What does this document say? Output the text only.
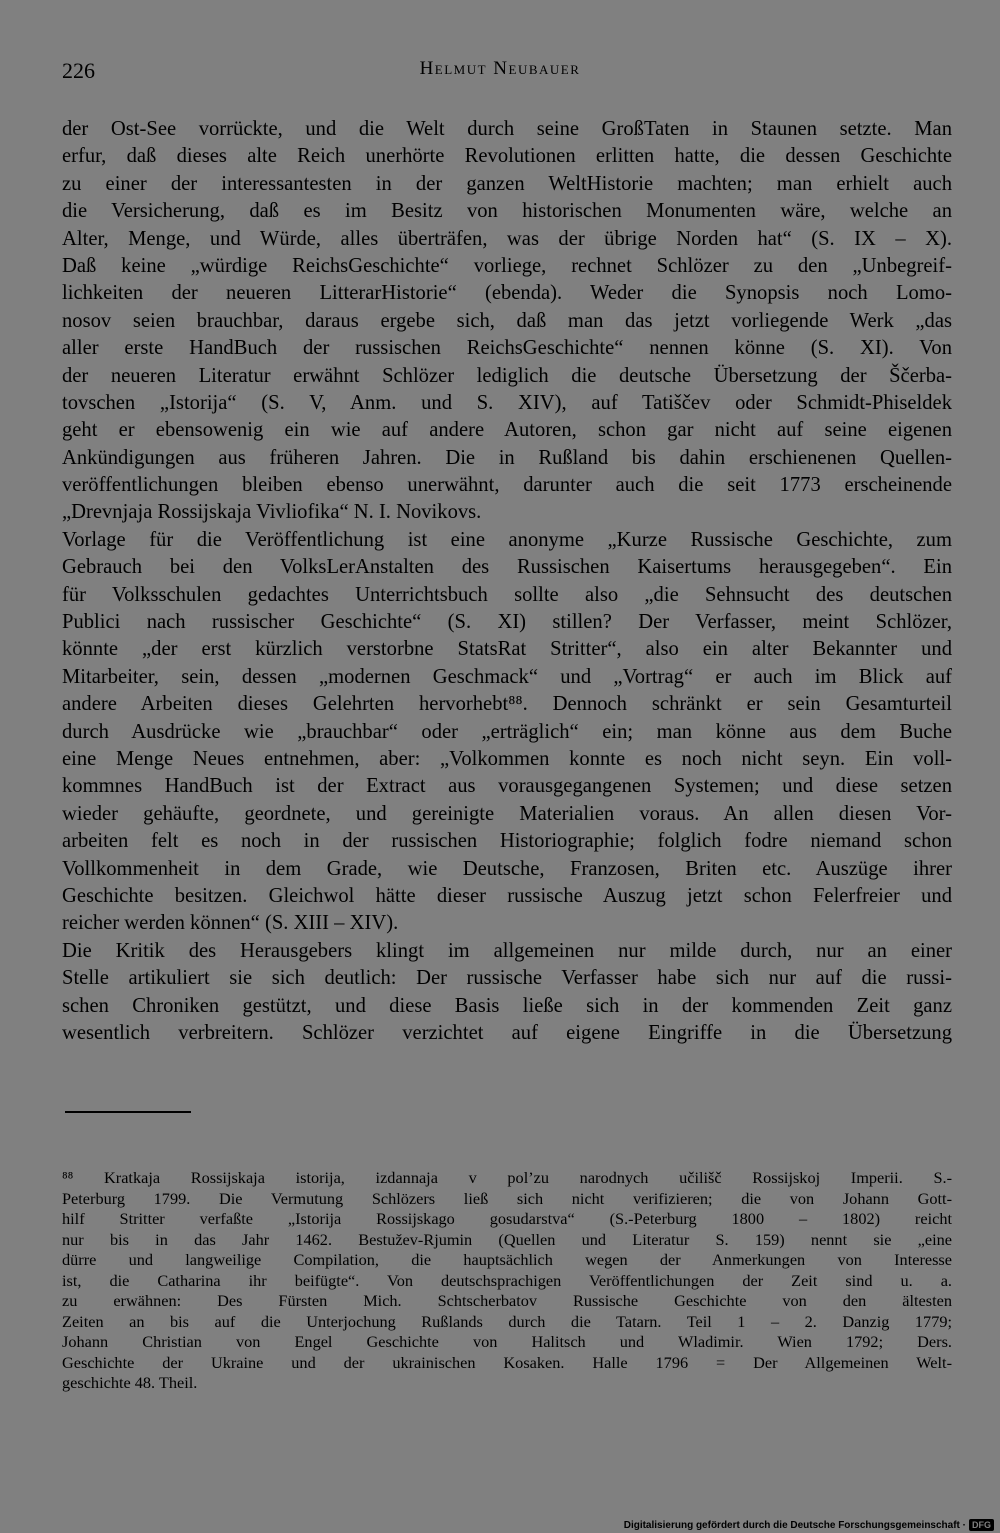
226	Helmut Neubauer
der Ost-See vorrückte, und die Welt durch seine GroßTaten in Staunen setzte. Man
erfur, daß dieses alte Reich unerhörte Revolutionen erlitten hatte, die dessen Geschichte
zu einer der interessantesten in der ganzen WeltHistorie machten; man erhielt auch
die Versicherung, daß es im Besitz von historischen Monumenten wäre, welche an
Alter, Menge, und Würde, alles überträfen, was der übrige Norden hat“ (S. IX – X).
Daß keine „würdige ReichsGeschichte“ vorliege, rechnet Schlözer zu den „Unbegreif-
lichkeiten der neueren LitterarHistorie“ (ebenda). Weder die Synopsis noch Lomo-
nosov seien brauchbar, daraus ergebe sich, daß man das jetzt vorliegende Werk „das
aller erste HandBuch der russischen ReichsGeschichte“ nennen könne (S. XI). Von
der neueren Literatur erwähnt Schlözer lediglich die deutsche Übersetzung der Ščerba-
tovschen „Istorija“ (S. V, Anm. und S. XIV), auf Tatiščev oder Schmidt-Phiseldek
geht er ebensowenig ein wie auf andere Autoren, schon gar nicht auf seine eigenen
Ankündigungen aus früheren Jahren. Die in Rußland bis dahin erschienenen Quellen-
veröffentlichungen bleiben ebenso unerwähnt, darunter auch die seit 1773 erscheinende
„Drevnjaja Rossijskaja Vivliofika“ N. I. Novikovs.
Vorlage für die Veröffentlichung ist eine anonyme „Kurze Russische Geschichte, zum
Gebrauch bei den VolksLerAnstalten des Russischen Kaisertums herausgegeben“. Ein
für Volksschulen gedachtes Unterrichtsbuch sollte also „die Sehnsucht des deutschen
Publici nach russischer Geschichte“ (S. XI) stillen? Der Verfasser, meint Schlözer,
könnte „der erst kürzlich verstorbne StatsRat Stritter“, also ein alter Bekannter und
Mitarbeiter, sein, dessen „modernen Geschmack“ und „Vortrag“ er auch im Blick auf
andere Arbeiten dieses Gelehrten hervorhebt⁸⁸. Dennoch schränkt er sein Gesamturteil
durch Ausdrücke wie „brauchbar“ oder „erträglich“ ein; man könne aus dem Buche
eine Menge Neues entnehmen, aber: „Volkommen konnte es noch nicht seyn. Ein voll-
kommnes HandBuch ist der Extract aus vorausgegangenen Systemen; und diese setzen
wieder gehäufte, geordnete, und gereinigte Materialien voraus. An allen diesen Vor-
arbeiten felt es noch in der russischen Historiographie; folglich fodre niemand schon
Vollkommenheit in dem Grade, wie Deutsche, Franzosen, Briten etc. Auszüge ihrer
Geschichte besitzen. Gleichwol hätte dieser russische Auszug jetzt schon Felerfreier und
reicher werden können“ (S. XIII – XIV).
Die Kritik des Herausgebers klingt im allgemeinen nur milde durch, nur an einer
Stelle artikuliert sie sich deutlich: Der russische Verfasser habe sich nur auf die russi-
schen Chroniken gestützt, und diese Basis ließe sich in der kommenden Zeit ganz
wesentlich verbreitern. Schlözer verzichtet auf eigene Eingriffe in die Übersetzung
⁸⁸ Kratkaja Rossijskaja istorija, izdannaja v pol’zu narodnych učilišč Rossijskoj Imperii. S.-
Peterburg 1799. Die Vermutung Schlözers ließ sich nicht verifizieren; die von Johann Gott-
hilf Stritter verfaßte „Istorija Rossijskago gosudarstva“ (S.-Peterburg 1800 – 1802) reicht
nur bis in das Jahr 1462. Bestužev-Rjumin (Quellen und Literatur S. 159) nennt sie „eine
dürre und langweilige Compilation, die hauptsächlich wegen der Anmerkungen von Interesse
ist, die Catharina ihr beifügte“. Von deutschsprachigen Veröffentlichungen der Zeit sind u. a.
zu erwähnen: Des Fürsten Mich. Schtscherbatov Russische Geschichte von den ältesten
Zeiten an bis auf die Unterjochung Rußlands durch die Tatarn. Teil 1 – 2. Danzig 1779;
Johann Christian von Engel Geschichte von Halitsch und Wladimir. Wien 1792; Ders.
Geschichte der Ukraine und der ukrainischen Kosaken. Halle 1796 = Der Allgemeinen Welt-
geschichte 48. Theil.
Digitalisierung gefördert durch die Deutsche Forschungsgemeinschaft · DFG
